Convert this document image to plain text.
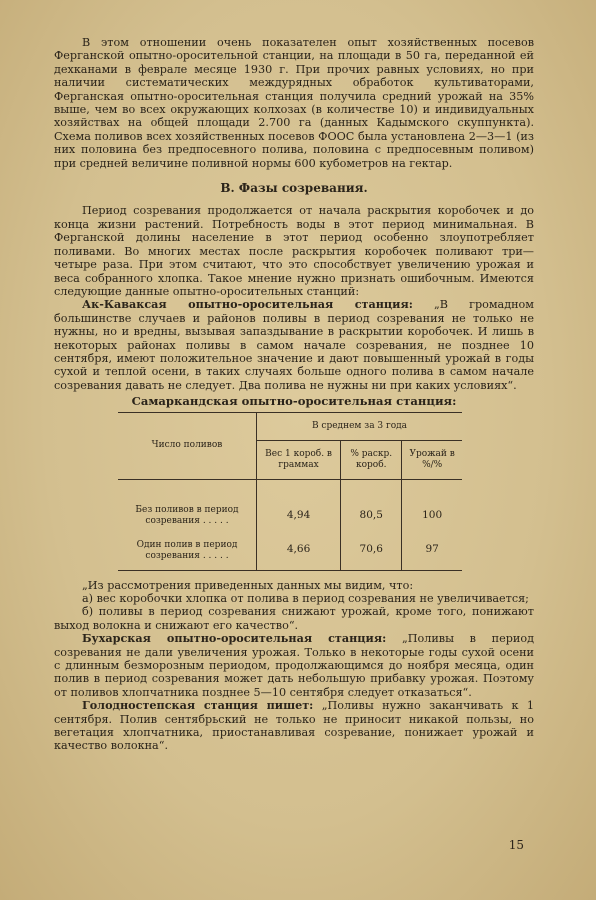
В этом отношении очень показателен опыт хозяйственных посевов Ферганской опытно-оросительной станции, на площади в 50 га, переданной ей дехканами в феврале месяце 1930 г. При прочих равных условиях, но при наличии систематических междурядных обработок культиваторами, Ферганская опытно-оросительная станция получила средний урожай на 35% выше, чем во всех окружающих колхозах (в количестве 10) и индивидуальных хозяйствах на общей площади 2.700 га (данных Кадымского скуппункта). Схема поливов всех хозяйственных посевов ФООС была установлена 2—3—1 (из них половина без предпосевного полива, половина с предпосевным поливом) при средней величине поливной нормы 600 кубометров на гектар.

В. Фазы созревания.

Период созревания продолжается от начала раскрытия коробочек и до конца жизни растений. Потребность воды в этот период минимальная. В Ферганской долины население в этот период особенно злоупотребляет поливами. Во многих местах после раскрытия коробочек поливают три—четыре раза. При этом считают, что это способствует увеличению урожая и веса собранного хлопка. Такое мнение нужно признать ошибочным. Имеются следующие данные опытно-оросительных станций:

Ак-Каваксая опытно-оросительная станция: „В громадном большинстве случаев и районов поливы в период созревания не только не нужны, но и вредны, вызывая запаздывание в раскрытии коробочек. И лишь в некоторых районах поливы в самом начале созревания, не позднее 10 сентября, имеют положительное значение и дают повышенный урожай в годы сухой и теплой осени, в таких случаях больше одного полива в самом начале созревания давать не следует. Два полива не нужны ни при каких условиях“.

Самаркандская опытно-оросительная станция:
Число поливов	В среднем за 3 года		
	Вес 1 короб. в граммах	% раскр. короб.	Урожай в %/%

Без поливов в период созревания . . . . .	4,94	80,5	100
Один полив в период созревания . . . . .	4,66	70,6	97

„Из рассмотрения приведенных данных мы видим, что:

а) вес коробочки хлопка от полива в период созревания не увеличивается;

б) поливы в период созревания снижают урожай, кроме того, понижают выход волокна и снижают его качество“.

Бухарская опытно-оросительная станция: „Поливы в период созревания не дали увеличения урожая. Только в некоторые годы сухой осени с длинным безморозным периодом, продолжающимся до ноября месяца, один полив в период созревания может дать небольшую прибавку урожая. Поэтому от поливов хлопчатника позднее 5—10 сентября следует отказаться“.

Голодностепская станция пишет: „Поливы нужно заканчивать к 1 сентября. Полив сентябрьский не только не приносит никакой пользы, но вегетация хлопчатника, приостанавливая созревание, понижает урожай и качество волокна“.

15
